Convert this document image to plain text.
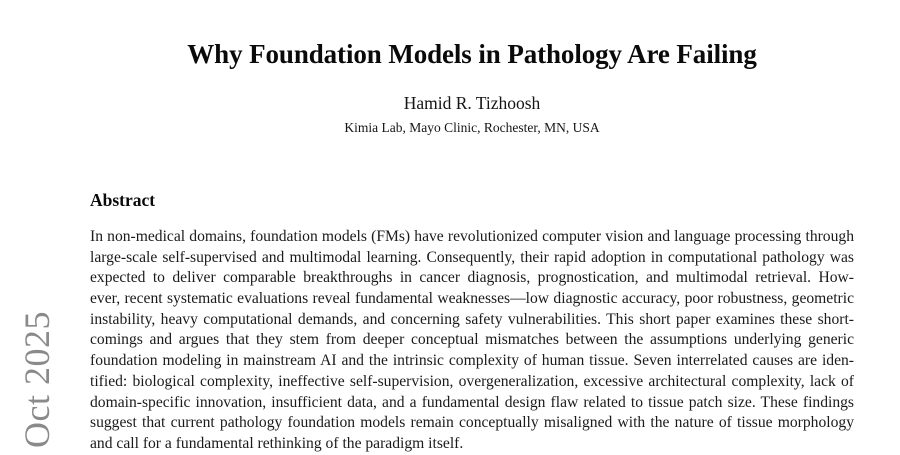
Oct 2025
Why Foundation Models in Pathology Are Failing
Hamid R. Tizhoosh
Kimia Lab, Mayo Clinic, Rochester, MN, USA
Abstract
In non-medical domains, foundation models (FMs) have revolutionized computer vision and language processing through
large-scale self-supervised and multimodal learning. Consequently, their rapid adoption in computational pathology was
expected to deliver comparable breakthroughs in cancer diagnosis, prognostication, and multimodal retrieval. How-
ever, recent systematic evaluations reveal fundamental weaknesses—low diagnostic accuracy, poor robustness, geometric
instability, heavy computational demands, and concerning safety vulnerabilities. This short paper examines these short-
comings and argues that they stem from deeper conceptual mismatches between the assumptions underlying generic
foundation modeling in mainstream AI and the intrinsic complexity of human tissue. Seven interrelated causes are iden-
tified: biological complexity, ineffective self-supervision, overgeneralization, excessive architectural complexity, lack of
domain-specific innovation, insufficient data, and a fundamental design flaw related to tissue patch size. These findings
suggest that current pathology foundation models remain conceptually misaligned with the nature of tissue morphology
and call for a fundamental rethinking of the paradigm itself.
